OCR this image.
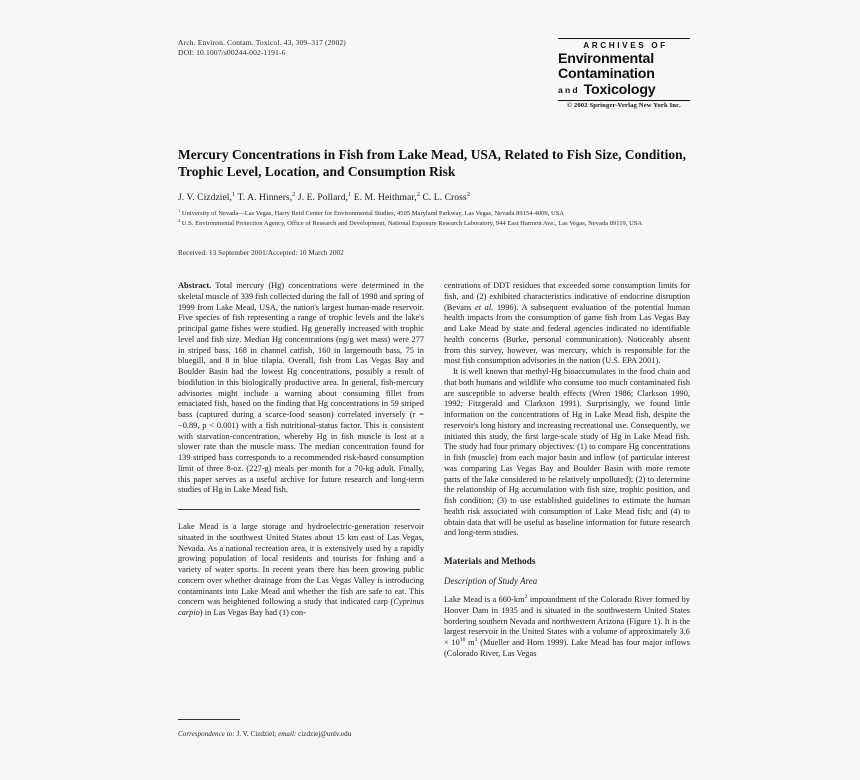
Arch. Environ. Contam. Toxicol. 43, 309–317 (2002)
DOI: 10.1007/s00244-002-1191-6
ARCHIVES OF
Environmental
Contamination
and Toxicology
© 2002 Springer-Verlag New York Inc.
Mercury Concentrations in Fish from Lake Mead, USA, Related to Fish Size, Condition, Trophic Level, Location, and Consumption Risk
J. V. Cizdziel,$^1$ T. A. Hinners,$^2$ J. E. Pollard,$^1$ E. M. Heithmar,$^2$ C. L. Cross$^2$
$^1$ University of Nevada—Las Vegas, Harry Reid Center for Environmental Studies, 4505 Maryland Parkway, Las Vegas, Nevada 89154-4009, USA
$^2$ U.S. Environmental Protection Agency, Office of Research and Development, National Exposure Research Laboratory, 944 East Harmon Ave., Las Vegas, Nevada 89119, USA
Received: 13 September 2001/Accepted: 10 March 2002

Abstract. Total mercury (Hg) concentrations were determined in the skeletal muscle of 339 fish collected during the fall of 1998 and spring of 1999 from Lake Mead, USA, the nation's largest human-made reservoir. Five species of fish representing a range of trophic levels and the lake's principal game fishes were studied. Hg generally increased with trophic level and fish size. Median Hg concentrations (ng/g wet mass) were 277 in striped bass, 168 in channel catfish, 160 in largemouth bass, 75 in bluegill, and 8 in blue tilapia. Overall, fish from Las Vegas Bay and Boulder Basin had the lowest Hg concentrations, possibly a result of biodilution in this biologically productive area. In general, fish-mercury advisories might include a warning about consuming fillet from emaciated fish, based on the finding that Hg concentrations in 59 striped bass (captured during a scarce-food season) correlated inversely (r = −0.89, p < 0.001) with a fish nutritional-status factor. This is consistent with starvation-concentration, whereby Hg in fish muscle is lost at a slower rate than the muscle mass. The median concentration found for 139 striped bass corresponds to a recommended risk-based consumption limit of three 8-oz. (227-g) meals per month for a 70-kg adult. Finally, this paper serves as a useful archive for future research and long-term studies of Hg in Lake Mead fish.

Lake Mead is a large storage and hydroelectric-generation reservoir situated in the southwest United States about 15 km east of Las Vegas, Nevada. As a national recreation area, it is extensively used by a rapidly growing population of local residents and tourists for fishing and a variety of water sports. In recent years there has been growing public concern over whether drainage from the Las Vegas Valley is introducing contaminants into Lake Mead and whether the fish are safe to eat. This concern was heightened following a study that indicated carp (Cyprinus carpio) in Las Vegas Bay had (1) con-

centrations of DDT residues that exceeded some consumption limits for fish, and (2) exhibited characteristics indicative of endocrine disruption (Bevans et al. 1996). A subsequent evaluation of the potential human health impacts from the consumption of game fish from Las Vegas Bay and Lake Mead by state and federal agencies indicated no identifiable health concerns (Burke, personal communication). Noticeably absent from this survey, however, was mercury, which is responsible for the most fish consumption advisories in the nation (U.S. EPA 2001).

It is well known that methyl-Hg bioaccumulates in the food chain and that both humans and wildlife who consume too much contaminated fish are susceptible to adverse health effects (Wren 1986; Clarkson 1990, 1992; Fitzgerald and Clarkson 1991). Surprisingly, we found little information on the concentrations of Hg in Lake Mead fish, despite the reservoir's long history and increasing recreational use. Consequently, we initiated this study, the first large-scale study of Hg in Lake Mead fish. The study had four primary objectives: (1) to compare Hg concentrations in fish (muscle) from each major basin and inflow (of particular interest was comparing Las Vegas Bay and Boulder Basin with more remote parts of the lake considered to be relatively unpolluted); (2) to determine the relationship of Hg accumulation with fish size, trophic position, and fish condition; (3) to use established guidelines to estimate the human health risk associated with consumption of Lake Mead fish; and (4) to obtain data that will be useful as baseline information for future research and long-term studies.

Materials and Methods
Description of Study Area

Lake Mead is a $660-km^2$ impoundment of the Colorado River formed by Hoover Dam in 1935 and is situated in the southwestern United States bordering southern Nevada and northwestern Arizona (Figure 1). It is the largest reservoir in the United States with a volume of approximately $3.6 \times 10^{10}$ $m^3$ (Mueller and Horn 1999). Lake Mead has four major inflows (Colorado River, Las Vegas

Correspondence to: J. V. Cizdziel; email: cizdziej@unlv.edu
